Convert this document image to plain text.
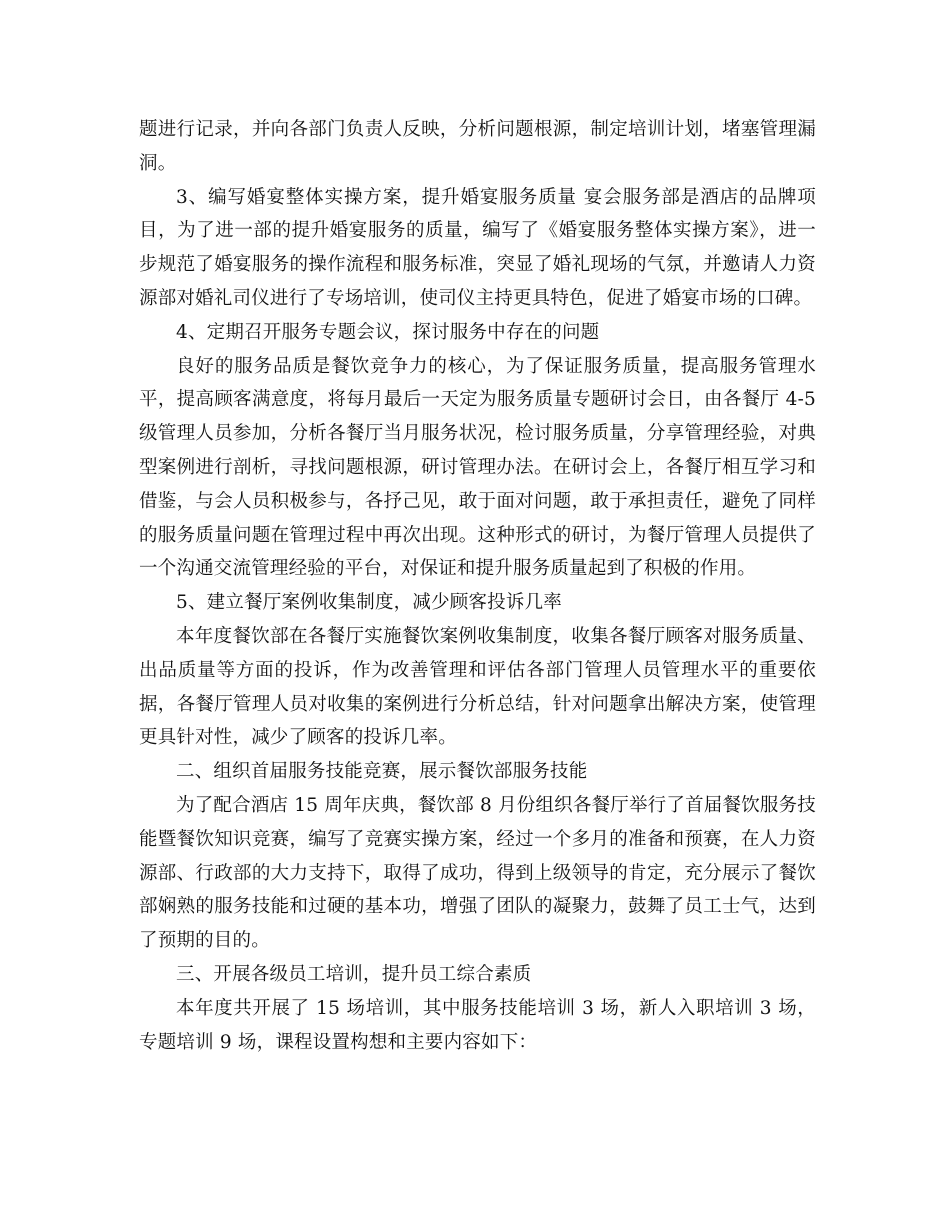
题进行记录，并向各部门负责人反映，分析问题根源，制定培训计划，堵塞管理漏洞。

3、编写婚宴整体实操方案，提升婚宴服务质量 宴会服务部是酒店的品牌项目，为了进一部的提升婚宴服务的质量，编写了《婚宴服务整体实操方案》，进一步规范了婚宴服务的操作流程和服务标准，突显了婚礼现场的气氛，并邀请人力资源部对婚礼司仪进行了专场培训，使司仪主持更具特色，促进了婚宴市场的口碑。

4、定期召开服务专题会议，探讨服务中存在的问题

良好的服务品质是餐饮竞争力的核心，为了保证服务质量，提高服务管理水平，提高顾客满意度，将每月最后一天定为服务质量专题研讨会日，由各餐厅 4-5 级管理人员参加，分析各餐厅当月服务状况，检讨服务质量，分享管理经验，对典型案例进行剖析，寻找问题根源，研讨管理办法。在研讨会上，各餐厅相互学习和借鉴，与会人员积极参与，各抒己见，敢于面对问题，敢于承担责任，避免了同样的服务质量问题在管理过程中再次出现。这种形式的研讨，为餐厅管理人员提供了一个沟通交流管理经验的平台，对保证和提升服务质量起到了积极的作用。

5、建立餐厅案例收集制度，减少顾客投诉几率

本年度餐饮部在各餐厅实施餐饮案例收集制度，收集各餐厅顾客对服务质量、出品质量等方面的投诉，作为改善管理和评估各部门管理人员管理水平的重要依据，各餐厅管理人员对收集的案例进行分析总结，针对问题拿出解决方案，使管理更具针对性，减少了顾客的投诉几率。

二、组织首届服务技能竞赛，展示餐饮部服务技能

为了配合酒店 15 周年庆典，餐饮部 8 月份组织各餐厅举行了首届餐饮服务技能暨餐饮知识竞赛，编写了竞赛实操方案，经过一个多月的准备和预赛，在人力资源部、行政部的大力支持下，取得了成功，得到上级领导的肯定，充分展示了餐饮部娴熟的服务技能和过硬的基本功，增强了团队的凝聚力，鼓舞了员工士气，达到了预期的目的。

三、开展各级员工培训，提升员工综合素质

本年度共开展了 15 场培训，其中服务技能培训 3 场，新人入职培训 3 场，专题培训 9 场，课程设置构想和主要内容如下：
